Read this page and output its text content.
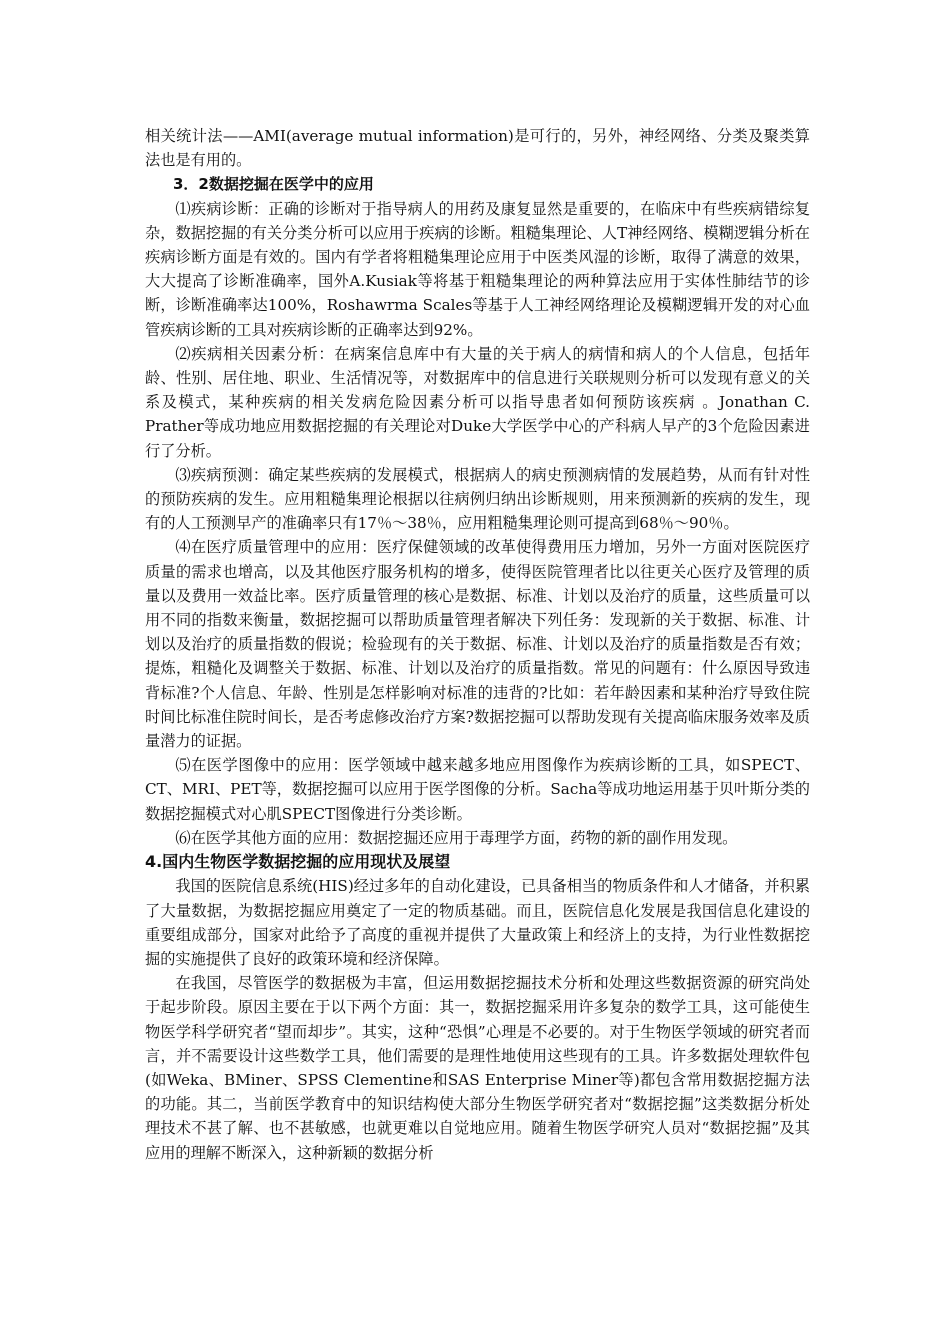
相关统计法——AMI(average mutual information)是可行的，另外，神经网络、分类及聚类算法也是有用的。

3．2数据挖掘在医学中的应用

⑴疾病诊断：正确的诊断对于指导病人的用药及康复显然是重要的，在临床中有些疾病错综复杂，数据挖掘的有关分类分析可以应用于疾病的诊断。粗糙集理论、人T神经网络、模糊逻辑分析在疾病诊断方面是有效的。国内有学者将粗糙集理论应用于中医类风湿的诊断，取得了满意的效果，大大提高了诊断准确率，国外A.Kusiak等将基于粗糙集理论的两种算法应用于实体性肺结节的诊断，诊断准确率达100%，Roshawrma Scales等基于人工神经网络理论及模糊逻辑开发的对心血管疾病诊断的工具对疾病诊断的正确率达到92%。

⑵疾病相关因素分析：在病案信息库中有大量的关于病人的病情和病人的个人信息，包括年龄、性别、居住地、职业、生活情况等，对数据库中的信息进行关联规则分析可以发现有意义的关系及模式，某种疾病的相关发病危险因素分析可以指导患者如何预防该疾病 。Jonathan C. Prather等成功地应用数据挖掘的有关理论对Duke大学医学中心的产科病人早产的3个危险因素进行了分析。

⑶疾病预测：确定某些疾病的发展模式，根据病人的病史预测病情的发展趋势，从而有针对性的预防疾病的发生。应用粗糙集理论根据以往病例归纳出诊断规则，用来预测新的疾病的发生，现有的人工预测早产的准确率只有17％～38％，应用粗糙集理论则可提高到68％～90％。

⑷在医疗质量管理中的应用：医疗保健领域的改革使得费用压力增加，另外一方面对医院医疗质量的需求也增高，以及其他医疗服务机构的增多，使得医院管理者比以往更关心医疗及管理的质量以及费用一效益比率。医疗质量管理的核心是数据、标准、计划以及治疗的质量，这些质量可以用不同的指数来衡量，数据挖掘可以帮助质量管理者解决下列任务：发现新的关于数据、标准、计划以及治疗的质量指数的假说；检验现有的关于数据、标准、计划以及治疗的质量指数是否有效；提炼，粗糙化及调整关于数据、标准、计划以及治疗的质量指数。常见的问题有：什么原因导致违背标准?个人信息、年龄、性别是怎样影响对标准的违背的?比如：若年龄因素和某种治疗导致住院时间比标准住院时间长，是否考虑修改治疗方案?数据挖掘可以帮助发现有关提高临床服务效率及质量潜力的证据。

⑸在医学图像中的应用：医学领域中越来越多地应用图像作为疾病诊断的工具，如SPECT、CT、MRI、PET等，数据挖掘可以应用于医学图像的分析。Sacha等成功地运用基于贝叶斯分类的数据挖掘模式对心肌SPECT图像进行分类诊断。

⑹在医学其他方面的应用：数据挖掘还应用于毒理学方面，药物的新的副作用发现。

4.国内生物医学数据挖掘的应用现状及展望

我国的医院信息系统(HIS)经过多年的自动化建设，已具备相当的物质条件和人才储备，并积累了大量数据，为数据挖掘应用奠定了一定的物质基础。而且，医院信息化发展是我国信息化建设的重要组成部分，国家对此给予了高度的重视并提供了大量政策上和经济上的支持，为行业性数据挖掘的实施提供了良好的政策环境和经济保障。

在我国，尽管医学的数据极为丰富，但运用数据挖掘技术分析和处理这些数据资源的研究尚处于起步阶段。原因主要在于以下两个方面：其一，数据挖掘采用许多复杂的数学工具，这可能使生物医学科学研究者“望而却步”。其实，这种“恐惧”心理是不必要的。对于生物医学领域的研究者而言，并不需要设计这些数学工具，他们需要的是理性地使用这些现有的工具。许多数据处理软件包(如Weka、BMiner、SPSS Clementine和SAS Enterprise Miner等)都包含常用数据挖掘方法的功能。其二，当前医学教育中的知识结构使大部分生物医学研究者对“数据挖掘”这类数据分析处理技术不甚了解、也不甚敏感，也就更难以自觉地应用。随着生物医学研究人员对“数据挖掘”及其应用的理解不断深入，这种新颖的数据分析
